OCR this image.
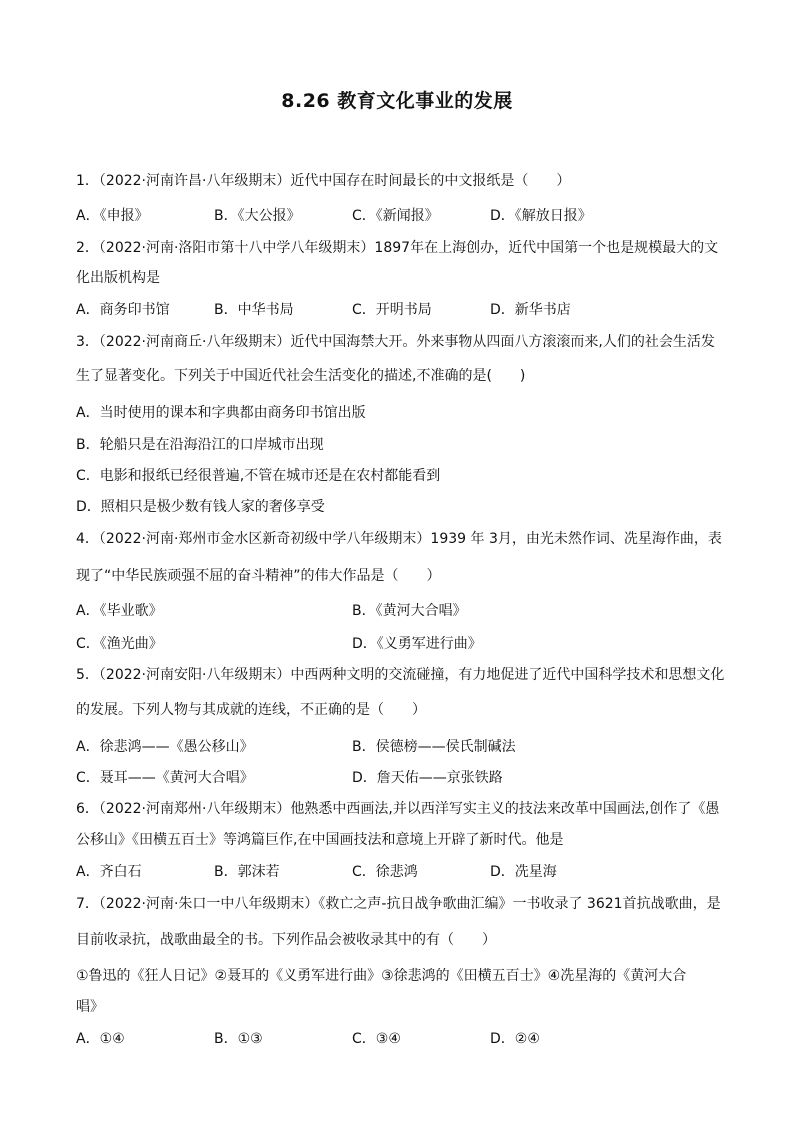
8.26 教育文化事业的发展
1．（2022·河南许昌·八年级期末）近代中国存在时间最长的中文报纸是（　　）
A．《申报》	B．《大公报》	C．《新闻报》	D．《解放日报》
2．（2022·河南·洛阳市第十八中学八年级期末）1897年在上海创办，近代中国第一个也是规模最大的文
化出版机构是
A．商务印书馆	B．中华书局	C．开明书局	D．新华书店
3．（2022·河南商丘·八年级期末）近代中国海禁大开。外来事物从四面八方滚滚而来,人们的社会生活发
生了显著变化。下列关于中国近代社会生活变化的描述,不准确的是(　　)
A．当时使用的课本和字典都由商务印书馆出版
B．轮船只是在沿海沿江的口岸城市出现
C．电影和报纸已经很普遍,不管在城市还是在农村都能看到
D．照相只是极少数有钱人家的奢侈享受
4．（2022·河南·郑州市金水区新奇初级中学八年级期末）1939 年 3月，由光未然作词、冼星海作曲，表
现了“中华民族顽强不屈的奋斗精神”的伟大作品是（　　）
A．《毕业歌》	B．《黄河大合唱》
C．《渔光曲》	D．《义勇军进行曲》
5．（2022·河南安阳·八年级期末）中西两种文明的交流碰撞，有力地促进了近代中国科学技术和思想文化
的发展。下列人物与其成就的连线，不正确的是（　　）
A．徐悲鸿——《愚公移山》	B．侯德榜——侯氏制碱法
C．聂耳——《黄河大合唱》	D．詹天佑——京张铁路
6．（2022·河南郑州·八年级期末）他熟悉中西画法,并以西洋写实主义的技法来改革中国画法,创作了《愚
公移山》《田横五百士》等鸿篇巨作,在中国画技法和意境上开辟了新时代。他是
A．齐白石	B．郭沫若	C．徐悲鸿	D．冼星海
7．（2022·河南·朱口一中八年级期末）《救亡之声-抗日战争歌曲汇编》一书收录了 3621首抗战歌曲，是
目前收录抗，战歌曲最全的书。下列作品会被收录其中的有（　　）
①鲁迅的《狂人日记》②聂耳的《义勇军进行曲》③徐悲鸿的《田横五百士》④冼星海的《黄河大合
唱》
A．①④	B．①③	C．③④	D．②④
